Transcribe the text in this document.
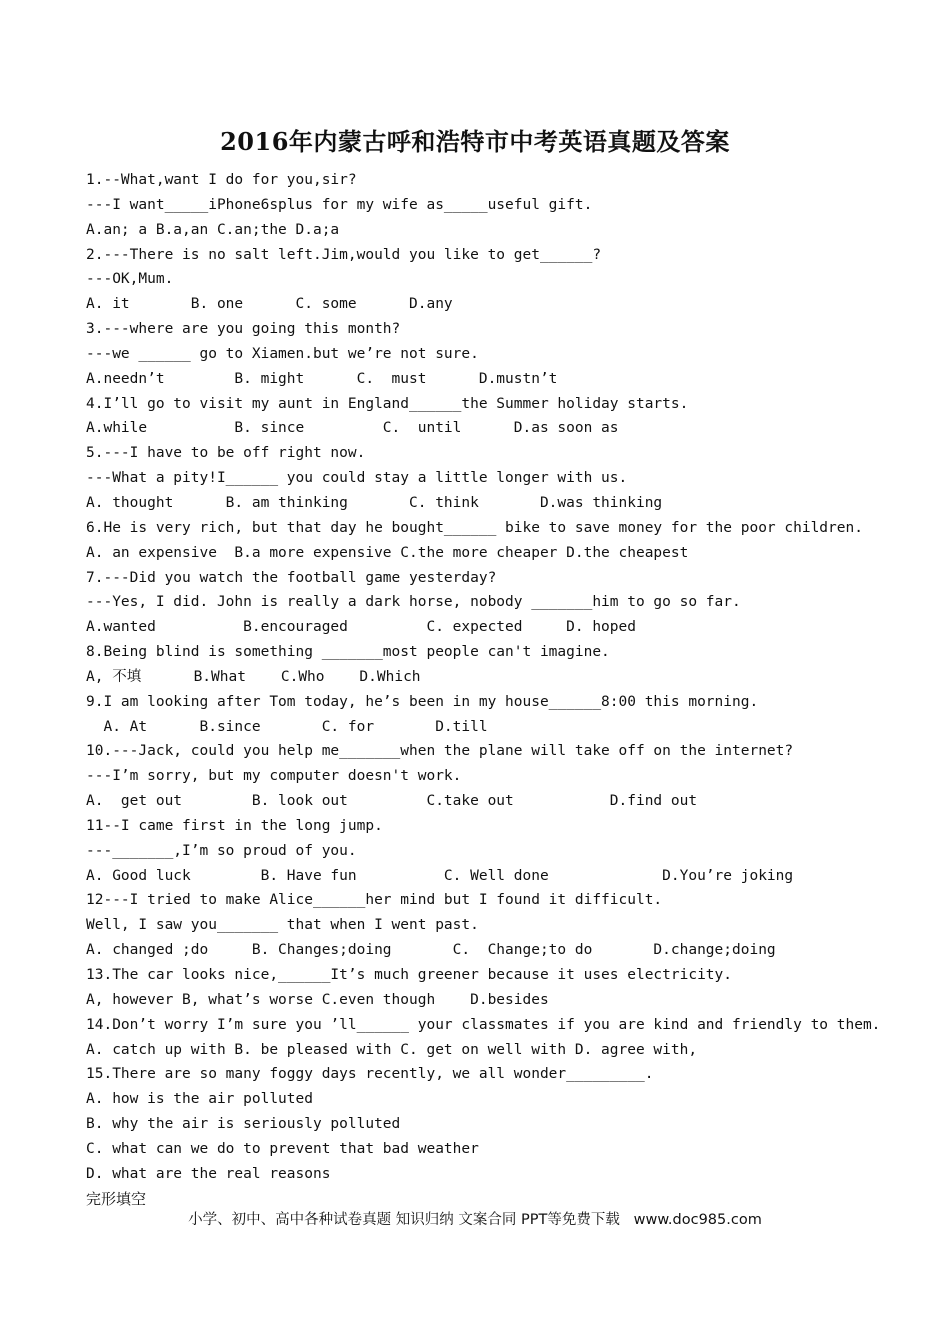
2016年内蒙古呼和浩特市中考英语真题及答案
1.--What,want I do for you,sir?
---I want_____iPhone6splus for my wife as_____useful gift.
A.an; a B.a,an C.an;the D.a;a
2.---There is no salt left.Jim,would you like to get______?
---OK,Mum.
A. it       B. one      C. some      D.any
3.---where are you going this month?
---we ______ go to Xiamen.but we’re not sure.
A.needn’t        B. might      C.  must      D.mustn’t
4.I’ll go to visit my aunt in England______the Summer holiday starts.
A.while          B. since         C.  until      D.as soon as
5.---I have to be off right now.
---What a pity!I______ you could stay a little longer with us.
A. thought      B. am thinking       C. think       D.was thinking
6.He is very rich, but that day he bought______ bike to save money for the poor children.
A. an expensive  B.a more expensive C.the more cheaper D.the cheapest
7.---Did you watch the football game yesterday?
---Yes, I did. John is really a dark horse, nobody _______him to go so far.
A.wanted          B.encouraged         C. expected     D. hoped
8.Being blind is something _______most people can't imagine.
A, 不填      B.What    C.Who    D.Which
9.I am looking after Tom today, he’s been in my house______8:00 this morning.
A. At      B.since       C. for       D.till
10.---Jack, could you help me_______when the plane will take off on the internet?
---I’m sorry, but my computer doesn't work.
A.  get out        B. look out         C.take out           D.find out
11--I came first in the long jump.
---_______,I’m so proud of you.
A. Good luck        B. Have fun          C. Well done             D.You’re joking
12---I tried to make Alice______her mind but I found it difficult.
Well, I saw you_______ that when I went past.
A. changed ;do     B. Changes;doing       C.  Change;to do       D.change;doing
13.The car looks nice,______It’s much greener because it uses electricity.
A, however B, what’s worse C.even though    D.besides
14.Don’t worry I’m sure you ’ll______ your classmates if you are kind and friendly to them.
A. catch up with B. be pleased with C. get on well with D. agree with,
15.There are so many foggy days recently, we all wonder_________.
A. how is the air polluted
B. why the air is seriously polluted
C. what can we do to prevent that bad weather
D. what are the real reasons
完形填空
小学、初中、高中各种试卷真题 知识归纳 文案合同 PPT等免费下载   www.doc985.com
